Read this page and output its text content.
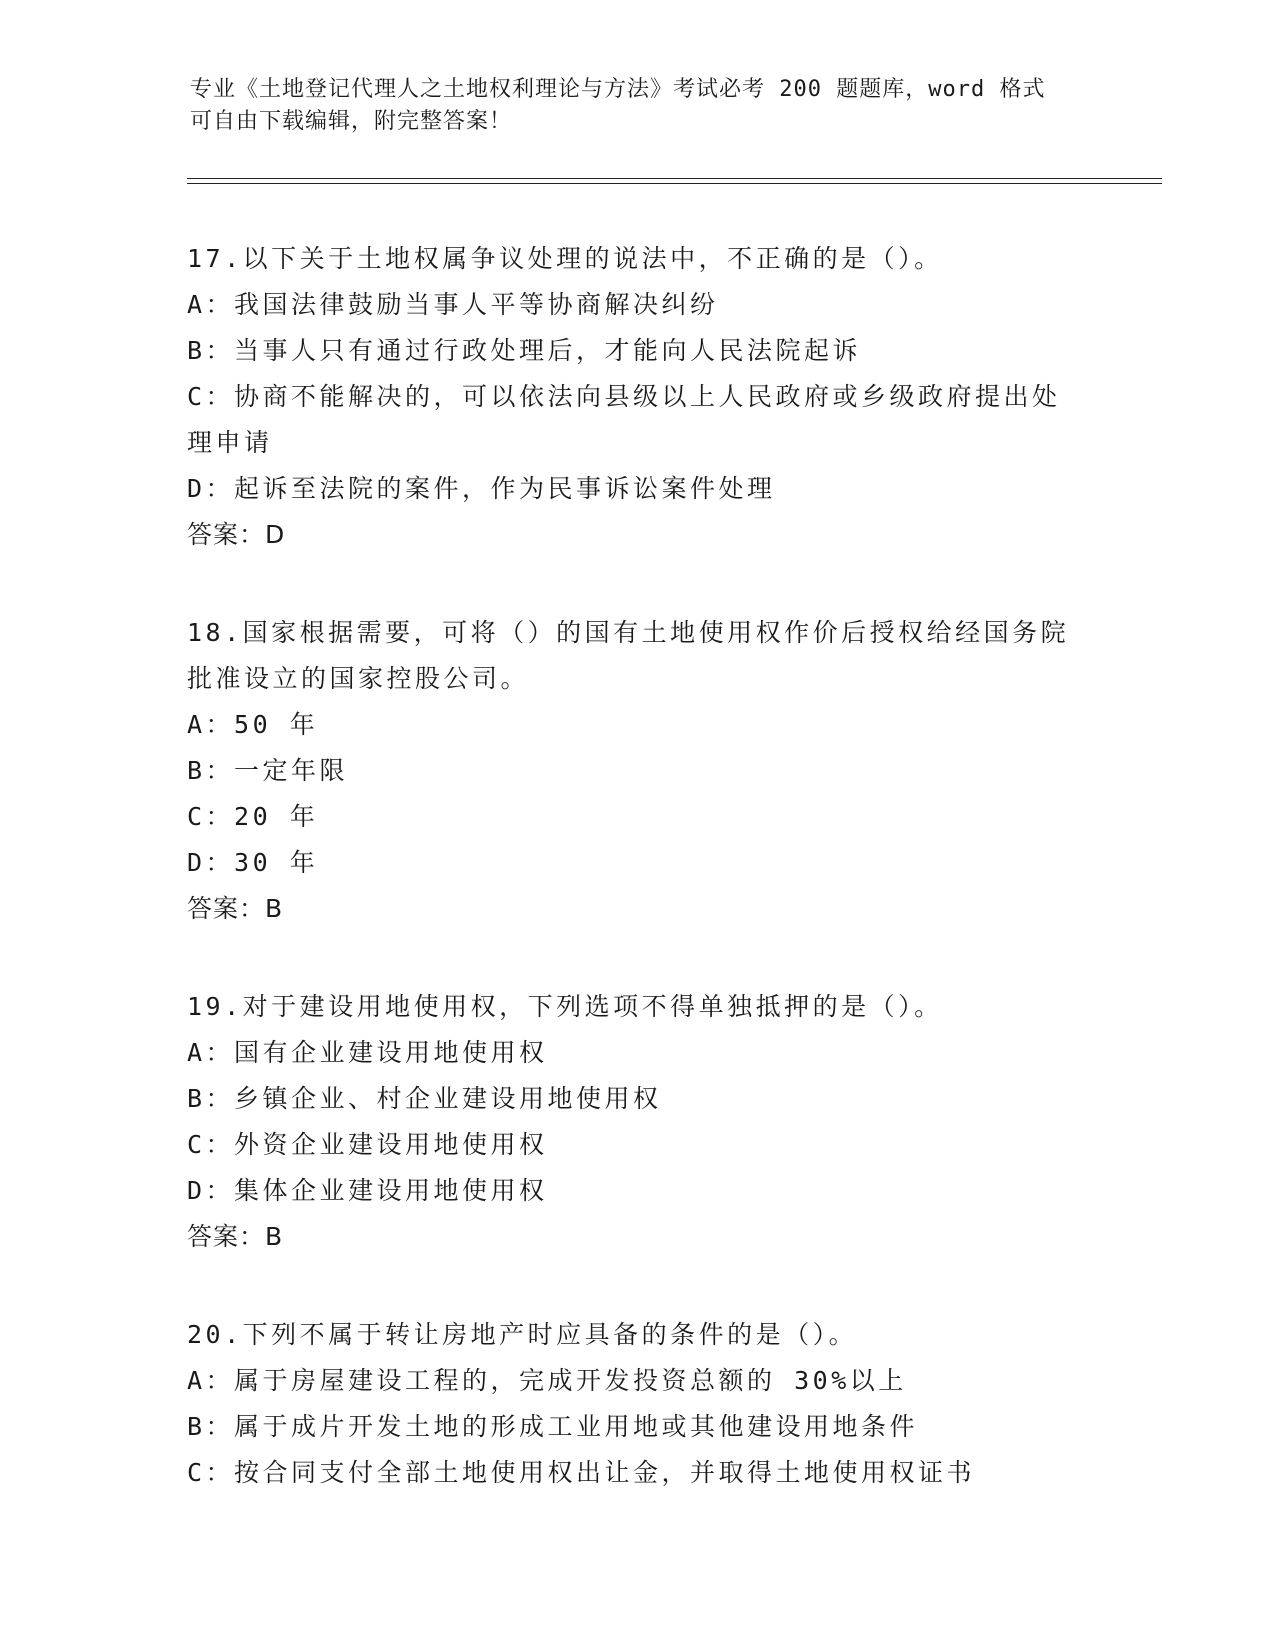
专业《土地登记代理人之土地权利理论与方法》考试必考 200 题题库，word 格式
可自由下载编辑，附完整答案！
17.以下关于土地权属争议处理的说法中，不正确的是（）。
A：我国法律鼓励当事人平等协商解决纠纷
B：当事人只有通过行政处理后，才能向人民法院起诉
C：协商不能解决的，可以依法向县级以上人民政府或乡级政府提出处
理申请
D：起诉至法院的案件，作为民事诉讼案件处理
答案：D
18.国家根据需要，可将（）的国有土地使用权作价后授权给经国务院
批准设立的国家控股公司。
A：50 年
B：一定年限
C：20 年
D：30 年
答案：B
19.对于建设用地使用权，下列选项不得单独抵押的是（）。
A：国有企业建设用地使用权
B：乡镇企业、村企业建设用地使用权
C：外资企业建设用地使用权
D：集体企业建设用地使用权
答案：B
20.下列不属于转让房地产时应具备的条件的是（）。
A：属于房屋建设工程的，完成开发投资总额的 30%以上
B：属于成片开发土地的形成工业用地或其他建设用地条件
C：按合同支付全部土地使用权出让金，并取得土地使用权证书
